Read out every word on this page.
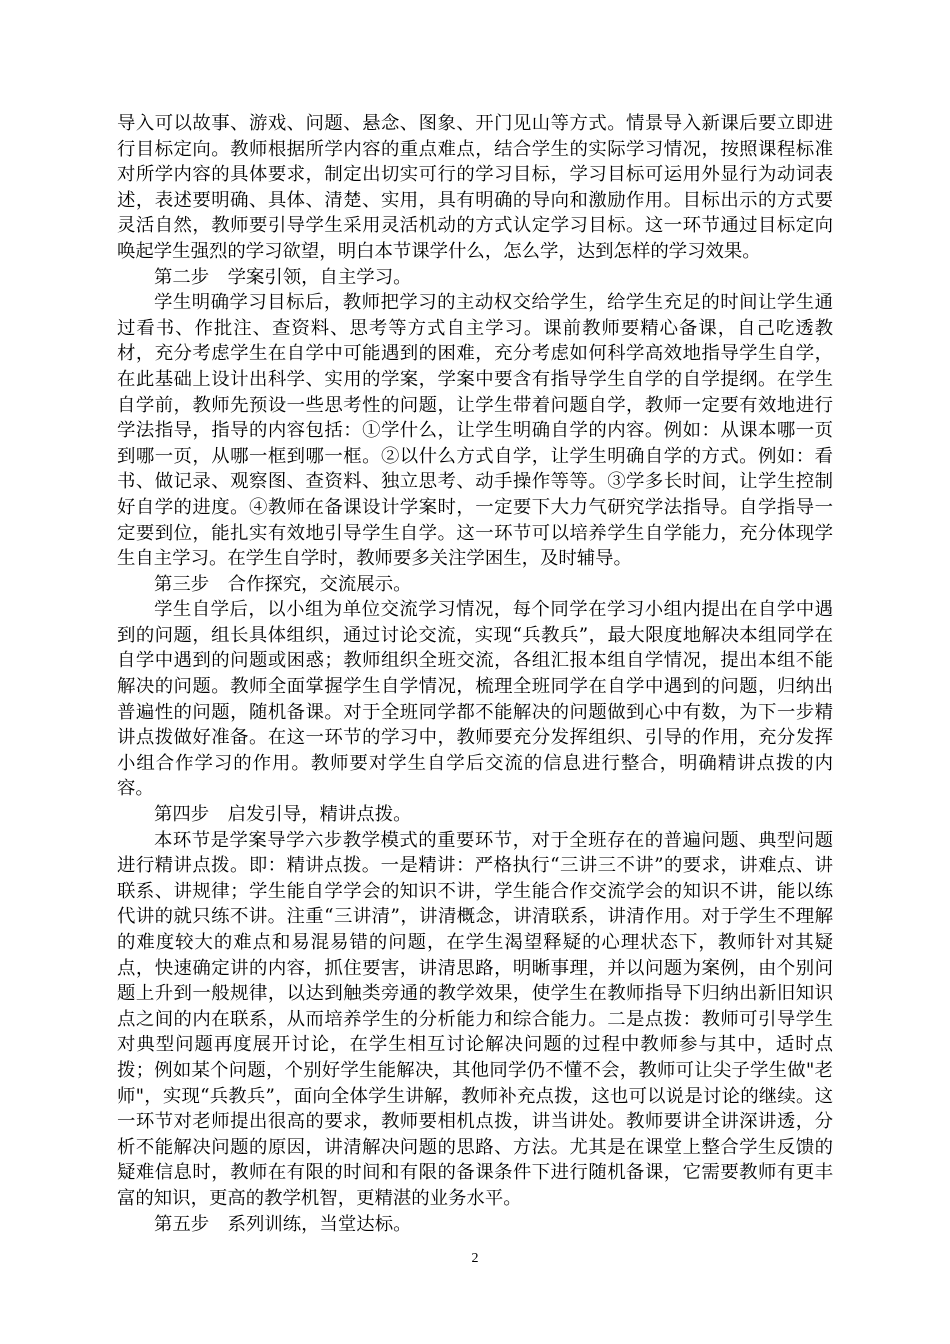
导入可以故事、游戏、问题、悬念、图象、开门见山等方式。情景导入新课后要立即进行目标定向。教师根据所学内容的重点难点，结合学生的实际学习情况，按照课程标准对所学内容的具体要求，制定出切实可行的学习目标，学习目标可运用外显行为动词表述，表述要明确、具体、清楚、实用，具有明确的导向和激励作用。目标出示的方式要灵活自然，教师要引导学生采用灵活机动的方式认定学习目标。这一环节通过目标定向唤起学生强烈的学习欲望，明白本节课学什么，怎么学，达到怎样的学习效果。

第二步　学案引领，自主学习。

学生明确学习目标后，教师把学习的主动权交给学生，给学生充足的时间让学生通过看书、作批注、查资料、思考等方式自主学习。课前教师要精心备课，自己吃透教材，充分考虑学生在自学中可能遇到的困难，充分考虑如何科学高效地指导学生自学，在此基础上设计出科学、实用的学案，学案中要含有指导学生自学的自学提纲。在学生自学前，教师先预设一些思考性的问题，让学生带着问题自学，教师一定要有效地进行学法指导，指导的内容包括：①学什么，让学生明确自学的内容。例如：从课本哪一页到哪一页，从哪一框到哪一框。②以什么方式自学，让学生明确自学的方式。例如：看书、做记录、观察图、查资料、独立思考、动手操作等等。③学多长时间，让学生控制好自学的进度。④教师在备课设计学案时，一定要下大力气研究学法指导。自学指导一定要到位，能扎实有效地引导学生自学。这一环节可以培养学生自学能力，充分体现学生自主学习。在学生自学时，教师要多关注学困生，及时辅导。

第三步　合作探究，交流展示。

学生自学后，以小组为单位交流学习情况，每个同学在学习小组内提出在自学中遇到的问题，组长具体组织，通过讨论交流，实现“兵教兵”，最大限度地解决本组同学在自学中遇到的问题或困惑；教师组织全班交流，各组汇报本组自学情况，提出本组不能解决的问题。教师全面掌握学生自学情况，梳理全班同学在自学中遇到的问题，归纳出普遍性的问题，随机备课。对于全班同学都不能解决的问题做到心中有数，为下一步精讲点拨做好准备。在这一环节的学习中，教师要充分发挥组织、引导的作用，充分发挥小组合作学习的作用。教师要对学生自学后交流的信息进行整合，明确精讲点拨的内容。

第四步　启发引导，精讲点拨。

本环节是学案导学六步教学模式的重要环节，对于全班存在的普遍问题、典型问题进行精讲点拨。即：精讲点拨。一是精讲：严格执行“三讲三不讲”的要求，讲难点、讲联系、讲规律；学生能自学学会的知识不讲，学生能合作交流学会的知识不讲，能以练代讲的就只练不讲。注重“三讲清”，讲清概念，讲清联系，讲清作用。对于学生不理解的难度较大的难点和易混易错的问题，在学生渴望释疑的心理状态下，教师针对其疑点，快速确定讲的内容，抓住要害，讲清思路，明晰事理，并以问题为案例，由个别问题上升到一般规律，以达到触类旁通的教学效果，使学生在教师指导下归纳出新旧知识点之间的内在联系，从而培养学生的分析能力和综合能力。二是点拨：教师可引导学生对典型问题再度展开讨论，在学生相互讨论解决问题的过程中教师参与其中，适时点拨；例如某个问题，个别好学生能解决，其他同学仍不懂不会，教师可让尖子学生做"老师"，实现“兵教兵”，面向全体学生讲解，教师补充点拨，这也可以说是讨论的继续。这一环节对老师提出很高的要求，教师要相机点拨，讲当讲处。教师要讲全讲深讲透，分析不能解决问题的原因，讲清解决问题的思路、方法。尤其是在课堂上整合学生反馈的疑难信息时，教师在有限的时间和有限的备课条件下进行随机备课，它需要教师有更丰富的知识，更高的教学机智，更精湛的业务水平。

第五步　系列训练，当堂达标。

2
